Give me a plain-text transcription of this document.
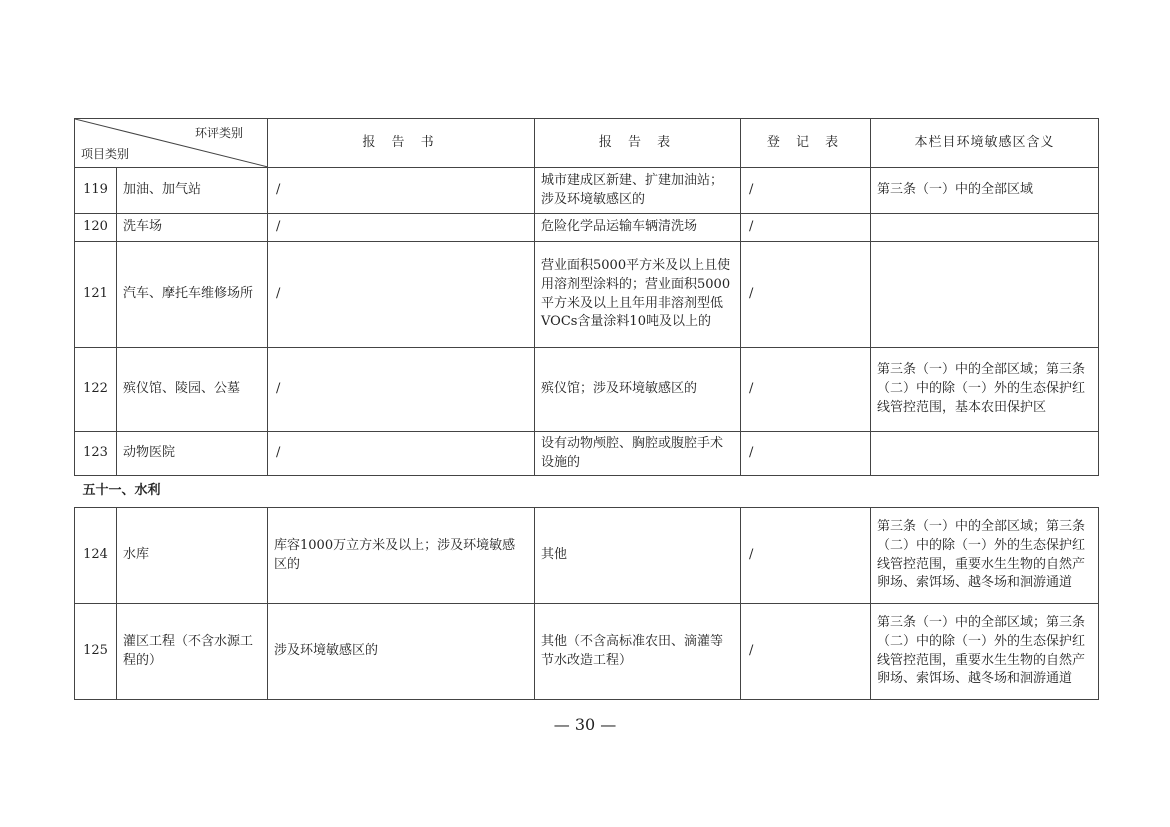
环评类别
项目类别		报 告 书	报 告 表	登 记 表	本栏目环境敏感区含义
119	加油、加气站	/	城市建成区新建、扩建加油站；涉及环境敏感区的	/	第三条（一）中的全部区域
120	洗车场	/	危险化学品运输车辆清洗场	/	
121	汽车、摩托车维修场所	/	营业面积5000平方米及以上且使用溶剂型涂料的；营业面积5000平方米及以上且年用非溶剂型低VOCs含量涂料10吨及以上的	/	
122	殡仪馆、陵园、公墓	/	殡仪馆；涉及环境敏感区的	/	第三条（一）中的全部区域；第三条（二）中的除（一）外的生态保护红线管控范围，基本农田保护区
123	动物医院	/	设有动物颅腔、胸腔或腹腔手术设施的	/	
五十一、水利					
124	水库	库容1000万立方米及以上；涉及环境敏感区的	其他	/	第三条（一）中的全部区域；第三条（二）中的除（一）外的生态保护红线管控范围，重要水生生物的自然产卵场、索饵场、越冬场和洄游通道
125	灌区工程（不含水源工程的）	涉及环境敏感区的	其他（不含高标准农田、滴灌等节水改造工程）	/	第三条（一）中的全部区域；第三条（二）中的除（一）外的生态保护红线管控范围，重要水生生物的自然产卵场、索饵场、越冬场和洄游通道
— 30 —
